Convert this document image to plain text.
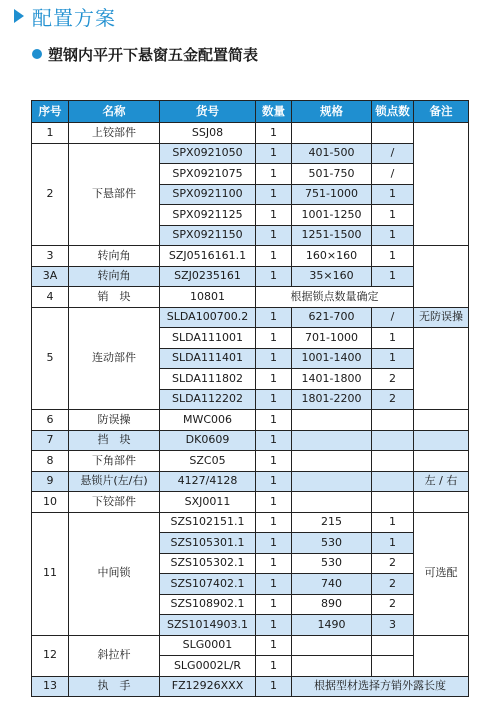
配置方案
塑钢内平开下悬窗五金配置简表
序号	名称	货号	数量	规格	锁点数	备注
1	上铰部件	SSJ08	1			
2	下悬部件	SPX0921050	1	401-500	/	
		SPX0921075	1	501-750	/	
		SPX0921100	1	751-1000	1	
		SPX0921125	1	1001-1250	1	
		SPX0921150	1	1251-1500	1	
3	转向角	SZJ0516161.1	1	160×160	1	
3A	转向角	SZJ0235161	1	35×160	1	
4	销　块	10801	根据锁点数量确定			
5	连动部件	SLDA100700.2	1	621-700	/	无防误操
		SLDA111001	1	701-1000	1	
		SLDA111401	1	1001-1400	1	
		SLDA111802	1	1401-1800	2	
		SLDA112202	1	1801-2200	2	
6	防误操	MWC006	1			
7	挡　块	DK0609	1			
8	下角部件	SZC05	1			
9	悬锁片(左/右)	4127/4128	1			左 / 右
10	下铰部件	SXJ0011	1			
11	中间锁	SZS102151.1	1	215	1	可选配
		SZS105301.1	1	530	1	
		SZS105302.1	1	530	2	
		SZS107402.1	1	740	2	
		SZS108902.1	1	890	2	
		SZS1014903.1	1	1490	3	
12	斜拉杆	SLG0001	1			
		SLG0002L/R	1			
13	执　手	FZ12926XXX	1	根据型材选择方销外露长度		
